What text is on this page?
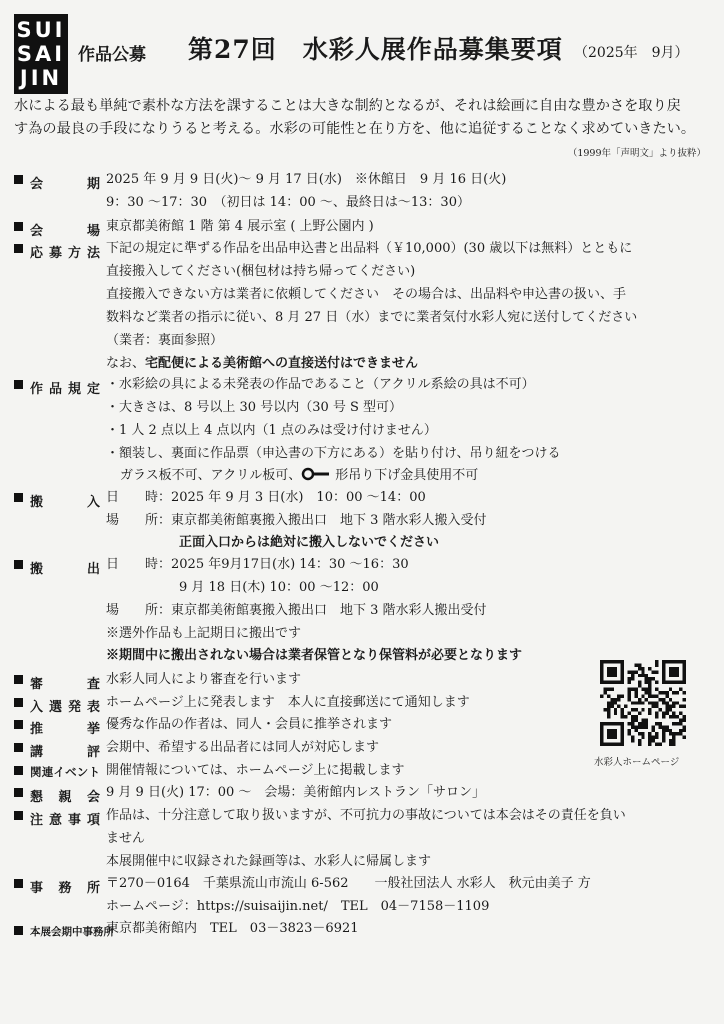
SUI
SAI
JIN
作品公募 第27回　水彩人展作品募集要項 （2025年　9月）
水による最も単純で素朴な方法を課することは大きな制約となるが、それは絵画に自由な豊かさを取り戻
す為の最良の手段になりうると考える。水彩の可能性と在り方を、他に追従することなく求めていきたい。
（1999年「声明文」より抜粋）
会　　期 2025 年 9 月 9 日(火)～ 9 月 17 日(水)　※休館日　9 月 16 日(火)
9：30 ～17：30　（初日は 14：00 ～、最終日は～13：30）
会　　場 東京都美術館 1 階 第 4 展示室 ( 上野公園内 )
応募方法 下記の規定に準ずる作品を出品申込書と出品料（￥10,000）(30 歳以下は無料）とともに
直接搬入してください(梱包材は持ち帰ってください)
直接搬入できない方は業者に依頼してください　その場合は、出品料や申込書の扱い、手
数料など業者の指示に従い、8 月 27 日（水）までに業者気付水彩人宛に送付してください
（業者：裏面参照）
なお、宅配便による美術館への直接送付はできません
作品規定 ・水彩絵の具による未発表の作品であること（アクリル系絵の具は不可）
・大きさは、8 号以上 30 号以内（30 号 S 型可）
・1 人 2 点以上 4 点以内（1 点のみは受け付けません）
・額装し、裏面に作品票（申込書の下方にある）を貼り付け、吊り紐をつける
ガラス板不可、アクリル板可、	形吊り下げ金具使用不可
搬　　入 日　　時：2025 年 9 月 3 日(水)　10：00 ～14：00
場　　所：東京都美術館裏搬入搬出口　地下 3 階水彩人搬入受付
正面入口からは絶対に搬入しないでください
搬　　出 日　　時：2025 年9月17日(水) 14：30 ～16：30
9 月 18 日(木) 10：00 ～12：00
場　　所：東京都美術館裏搬入搬出口　地下 3 階水彩人搬出受付
※選外作品も上記期日に搬出です
※期間中に搬出されない場合は業者保管となり保管料が必要となります
審　　査 水彩人同人により審査を行います
入選発表 ホームページ上に発表します　本人に直接郵送にて通知します
推　　挙 優秀な作品の作者は、同人・会員に推挙されます
講　　評 会期中、希望する出品者には同人が対応します
関連イベント 開催情報については、ホームページ上に掲載します
懇 親 会 9 月 9 日(火) 17：00 ～　会場：美術館内レストラン「サロン」
注意事項 作品は、十分注意して取り扱いますが、不可抗力の事故については本会はその責任を負い
ません
本展開催中に収録された録画等は、水彩人に帰属します
事 務 所 〒270－0164　千葉県流山市流山 6-562　　一般社団法人 水彩人　秋元由美子 方
ホームページ：https://suisaijin.net/　TEL　04－7158－1109
本展会期中事務所
東京都美術館内　TEL　03－3823－6921
水彩人ホームページ
